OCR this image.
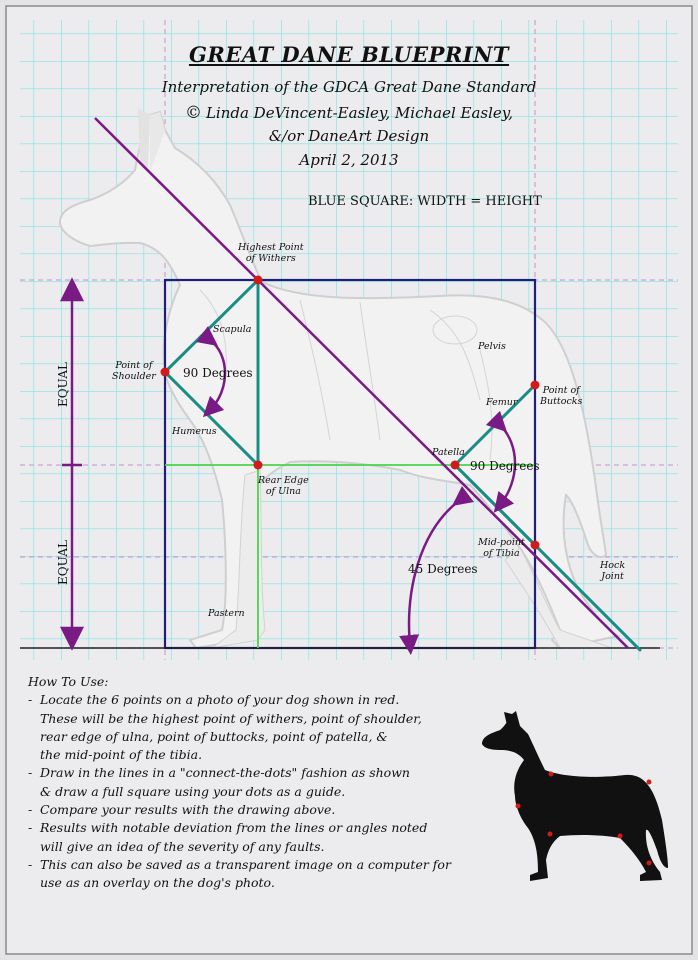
GREAT DANE BLUEPRINT
Interpretation of the GDCA Great Dane Standard
© Linda DeVincent-Easley, Michael Easley,
&/or DaneArt Design
April 2, 2013
BLUE SQUARE: WIDTH = HEIGHT
Highest Point
of Withers
Scapula
Point of
Shoulder
Humerus
Rear Edge
of Ulna
Pastern
Pelvis
Point of
Buttocks
Femur
Patella
Mid-point
of Tibia
Hock
Joint
90 Degrees
90 Degrees
45 Degrees
EQUAL
EQUAL
How To Use:
- Locate the 6 points on a photo of your dog shown in red.
These will be the highest point of withers, point of shoulder,
rear edge of ulna, point of buttocks, point of patella, &
the mid-point of the tibia.
- Draw in the lines in a "connect-the-dots" fashion as shown
& draw a full square using your dots as a guide.
- Compare your results with the drawing above.
- Results with notable deviation from the lines or angles noted
will give an idea of the severity of any faults.
- This can also be saved as a transparent image on a computer for
use as an overlay on the dog's photo.
